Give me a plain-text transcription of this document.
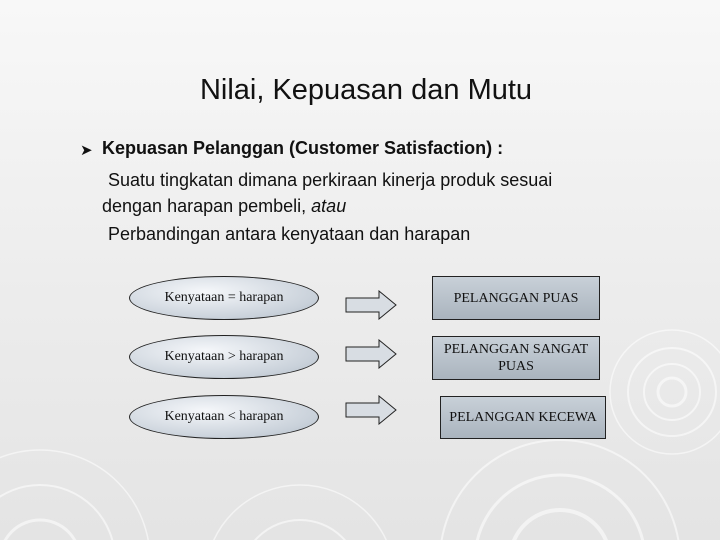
Nilai, Kepuasan dan Mutu
➤ Kepuasan Pelanggan (Customer Satisfaction) :
Suatu tingkatan dimana perkiraan kinerja produk sesuai
dengan harapan pembeli, atau
Perbandingan antara kenyataan dan harapan
Kenyataan = harapan
Kenyataan > harapan
Kenyataan < harapan
PELANGGAN PUAS
PELANGGAN SANGAT PUAS
PELANGGAN KECEWA
